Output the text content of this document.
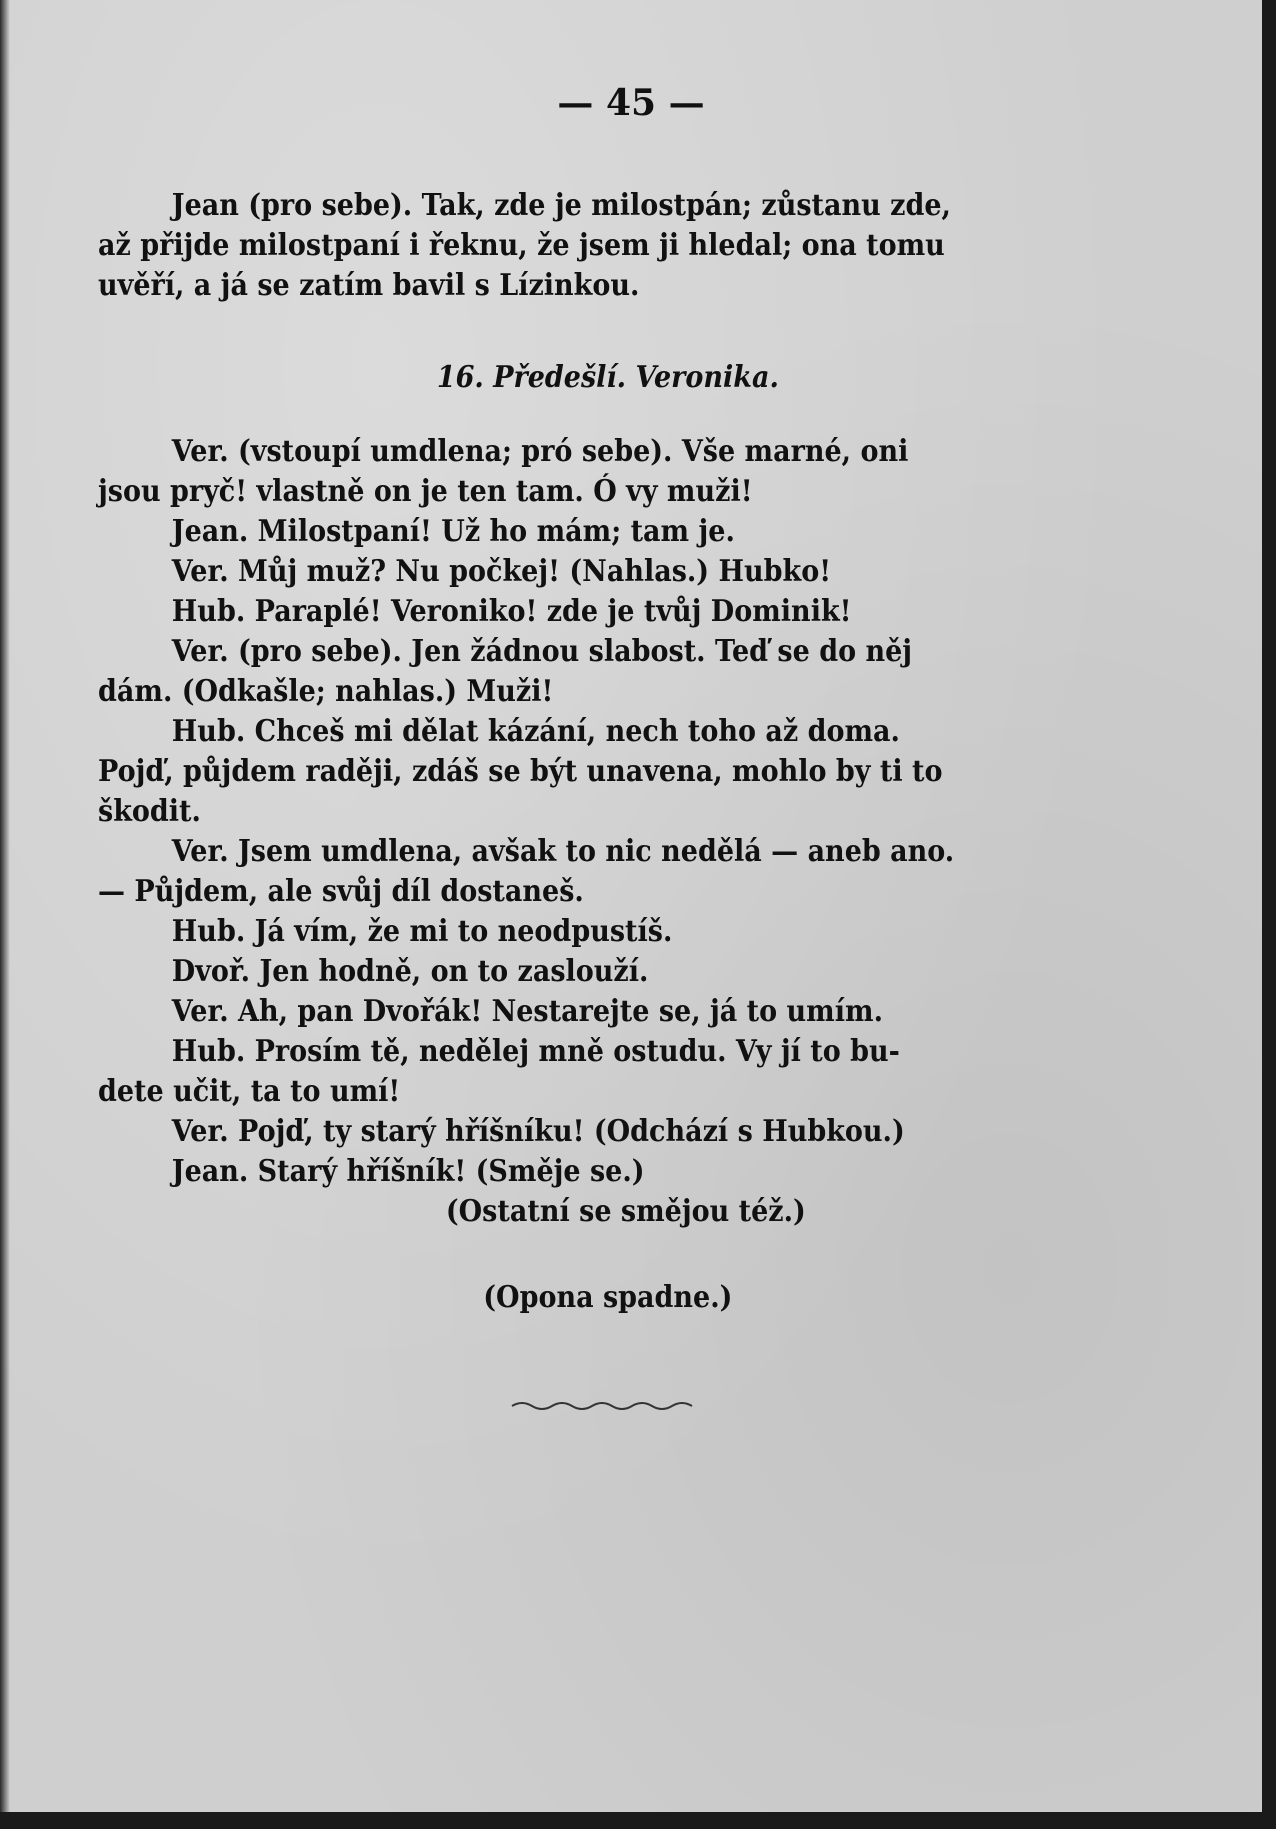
— 45 —
Jean (pro sebe). Tak, zde je milostpán; zůstanu zde,
až přijde milostpaní i řeknu, že jsem ji hledal; ona tomu
uvěří, a já se zatím bavil s Lízinkou.
16. Předešlí. Veronika.
Ver. (vstoupí umdlena; pró sebe). Vše marné, oni
jsou pryč! vlastně on je ten tam. Ó vy muži!
Jean. Milostpaní! Už ho mám; tam je.
Ver. Můj muž? Nu počkej! (Nahlas.) Hubko!
Hub. Paraplé! Veroniko! zde je tvůj Dominik!
Ver. (pro sebe). Jen žádnou slabost. Teď se do něj
dám. (Odkašle; nahlas.) Muži!
Hub. Chceš mi dělat kázání, nech toho až doma.
Pojď, půjdem raději, zdáš se být unavena, mohlo by ti to
škodit.
Ver. Jsem umdlena, avšak to nic nedělá — aneb ano.
— Půjdem, ale svůj díl dostaneš.
Hub. Já vím, že mi to neodpustíš.
Dvoř. Jen hodně, on to zaslouží.
Ver. Ah, pan Dvořák! Nestarejte se, já to umím.
Hub. Prosím tě, nedělej mně ostudu. Vy jí to bu-
dete učit, ta to umí!
Ver. Pojď, ty starý hříšníku! (Odchází s Hubkou.)
Jean. Starý hříšník! (Směje se.)
(Ostatní se smějou též.)
(Opona spadne.)
